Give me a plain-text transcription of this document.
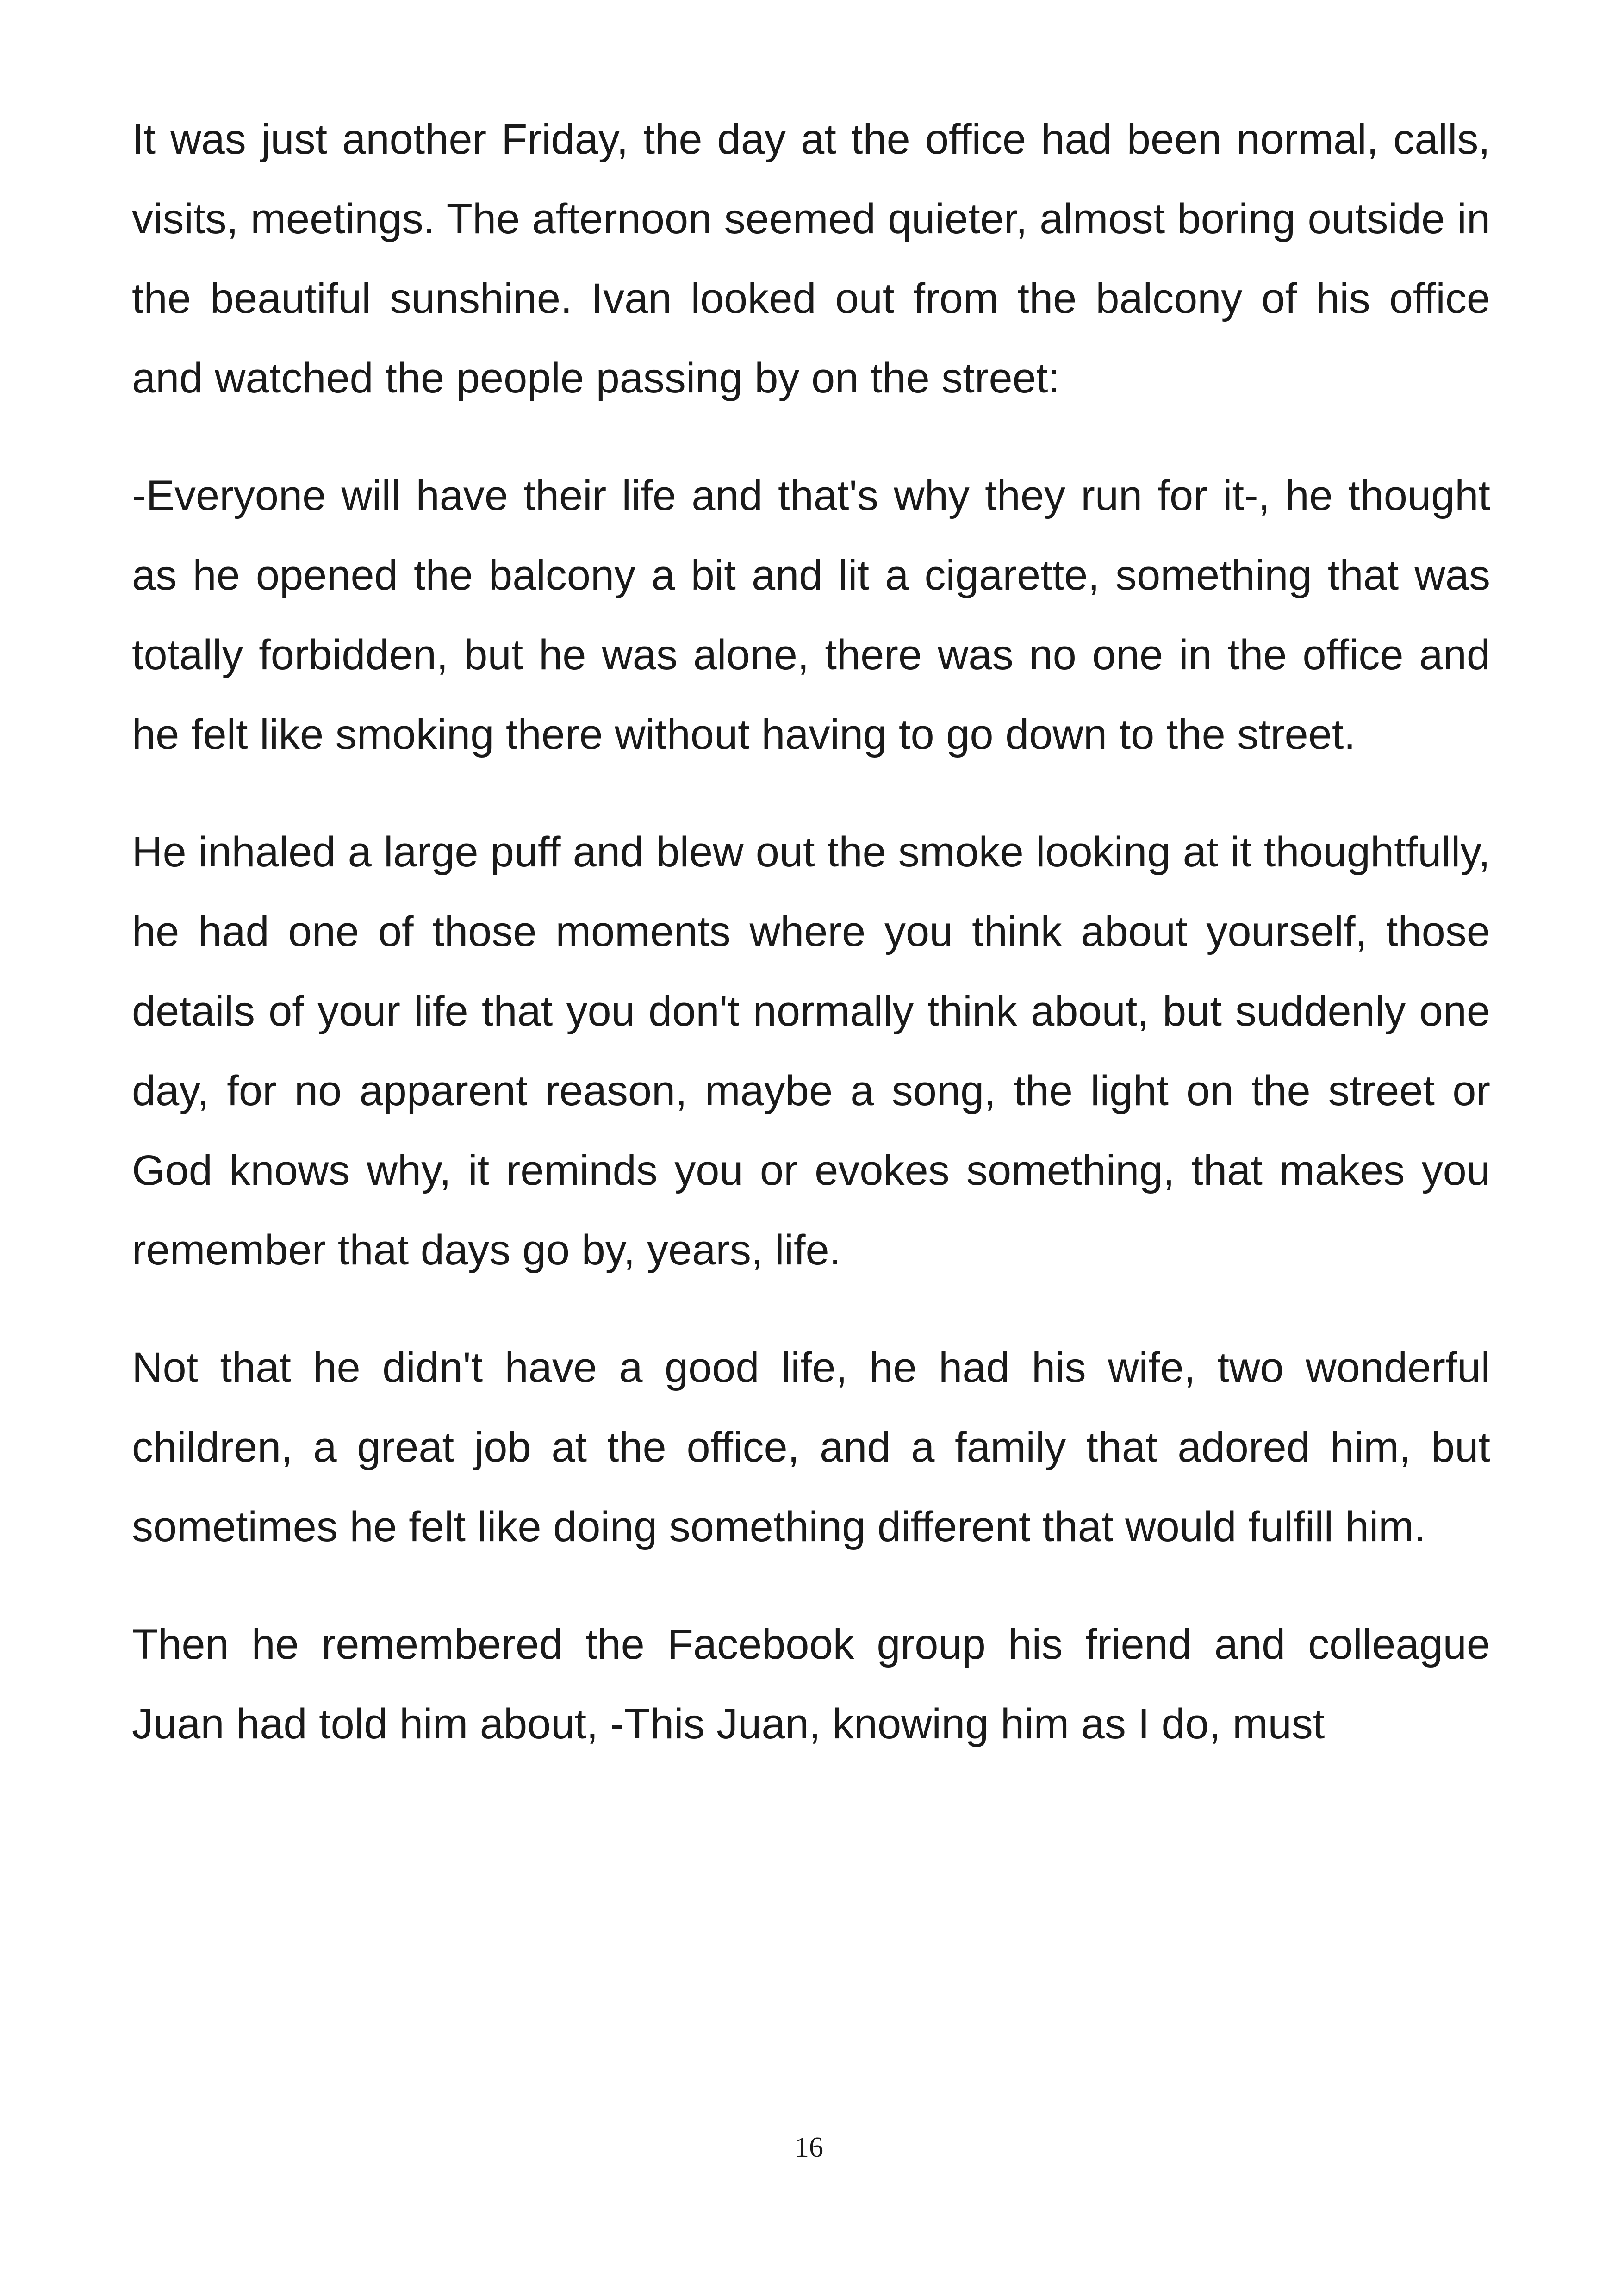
It was just another Friday, the day at the office had been normal, calls, visits, meetings. The afternoon seemed quieter, almost boring outside in the beautiful sunshine. Ivan looked out from the balcony of his office and watched the people passing by on the street:

-Everyone will have their life and that's why they run for it-, he thought as he opened the balcony a bit and lit a cigarette, something that was totally forbidden, but he was alone, there was no one in the office and he felt like smoking there without having to go down to the street.

He inhaled a large puff and blew out the smoke looking at it thoughtfully, he had one of those moments where you think about yourself, those details of your life that you don't normally think about, but suddenly one day, for no apparent reason, maybe a song, the light on the street or God knows why, it reminds you or evokes something, that makes you remember that days go by, years, life.

Not that he didn't have a good life, he had his wife, two wonderful children, a great job at the office, and a family that adored him, but sometimes he felt like doing something different that would fulfill him.

Then he remembered the Facebook group his friend and colleague Juan had told him about, -This Juan, knowing him as I do, must

16
